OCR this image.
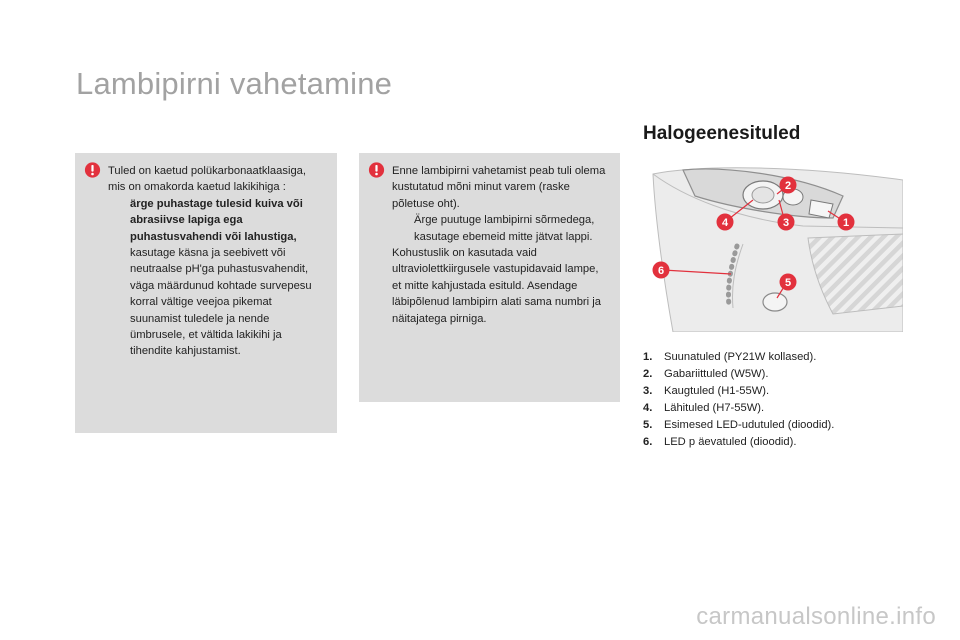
Lambipirni vahetamine
Tuled on kaetud polükarbonaatklaasiga, mis on omakorda kaetud lakikihiga :
ärge puhastage tulesid kuiva või abrasiivse lapiga ega puhastusvahendi või lahustiga,
kasutage käsna ja seebivett või neutraalse pH'ga puhastusvahendit,
väga määrdunud kohtade survepesu korral vältige veejoa pikemat suunamist tuledele ja nende ümbrusele, et vältida lakikihi ja tihendite kahjustamist.
Enne lambipirni vahetamist peab tuli olema kustutatud mõni minut varem (raske põletuse oht).
Ärge puutuge lambipirni sõrmedega, kasutage ebemeid mitte jätvat lappi.
Kohustuslik on kasutada vaid ultraviolettkiirgusele vastupidavaid lampe, et mitte kahjustada esituld. Asendage läbipõlenud lambipirn alati sama numbri ja näitajatega pirniga.
Halogeenesituled
2
4	3	1
6
5
1.	Suunatuled (PY21W kollased).
2.	Gabariittuled (W5W).
3.	Kaugtuled (H1-55W).
4.	Lähituled (H7-55W).
5.	Esimesed LED-udutuled (dioodid).
6.	LED p äevatuled (dioodid).
carmanualsonline.info
